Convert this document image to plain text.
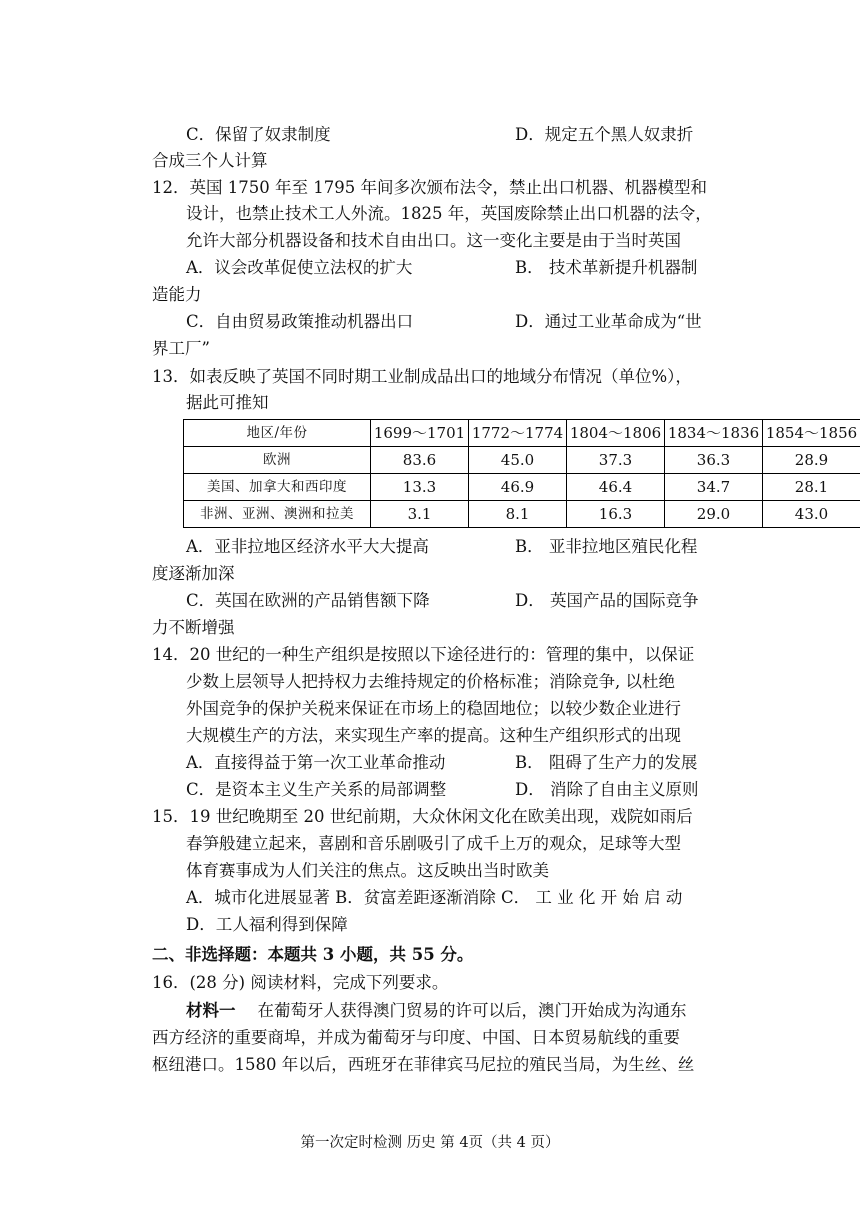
C．保留了奴隶制度	D．规定五个黑人奴隶折
合成三个人计算
12．英国 1750 年至 1795 年间多次颁布法令，禁止出口机器、机器模型和
设计，也禁止技术工人外流。1825 年，英国废除禁止出口机器的法令，
允许大部分机器设备和技术自由出口。这一变化主要是由于当时英国
A．议会改革促使立法权的扩大	B． 技术革新提升机器制
造能力
C．自由贸易政策推动机器出口	D．通过工业革命成为“世
界工厂”
13．如表反映了英国不同时期工业制成品出口的地域分布情况（单位%），
据此可推知
地区/年份	1699～1701	1772～1774	1804～1806	1834～1836	1854～1856
欧洲	83.6	45.0	37.3	36.3	28.9
美国、加拿大和西印度	13.3	46.9	46.4	34.7	28.1
非洲、亚洲、澳洲和拉美	3.1	8.1	16.3	29.0	43.0
A．亚非拉地区经济水平大大提高	B． 亚非拉地区殖民化程
度逐渐加深
C．英国在欧洲的产品销售额下降	D． 英国产品的国际竞争
力不断增强
14．20 世纪的一种生产组织是按照以下途径进行的：管理的集中，以保证
少数上层领导人把持权力去维持规定的价格标准；消除竞争, 以杜绝
外国竞争的保护关税来保证在市场上的稳固地位；以较少数企业进行
大规模生产的方法，来实现生产率的提高。这种生产组织形式的出现
A．直接得益于第一次工业革命推动	B． 阻碍了生产力的发展
C．是资本主义生产关系的局部调整	D． 消除了自由主义原则
15．19 世纪晚期至 20 世纪前期，大众休闲文化在欧美出现，戏院如雨后
春笋般建立起来，喜剧和音乐剧吸引了成千上万的观众，足球等大型
体育赛事成为人们关注的焦点。这反映出当时欧美
A．城市化进展显著 B．贫富差距逐渐消除 C． 工 业 化 开 始 启 动
D．工人福利得到保障
二、非选择题：本题共 3 小题，共 55 分。
16．(28 分) 阅读材料，完成下列要求。
材料一 在葡萄牙人获得澳门贸易的许可以后，澳门开始成为沟通东
西方经济的重要商埠，并成为葡萄牙与印度、中国、日本贸易航线的重要
枢纽港口。1580 年以后，西班牙在菲律宾马尼拉的殖民当局，为生丝、丝
第一次定时检测 历史 第 4页（共 4 页）
